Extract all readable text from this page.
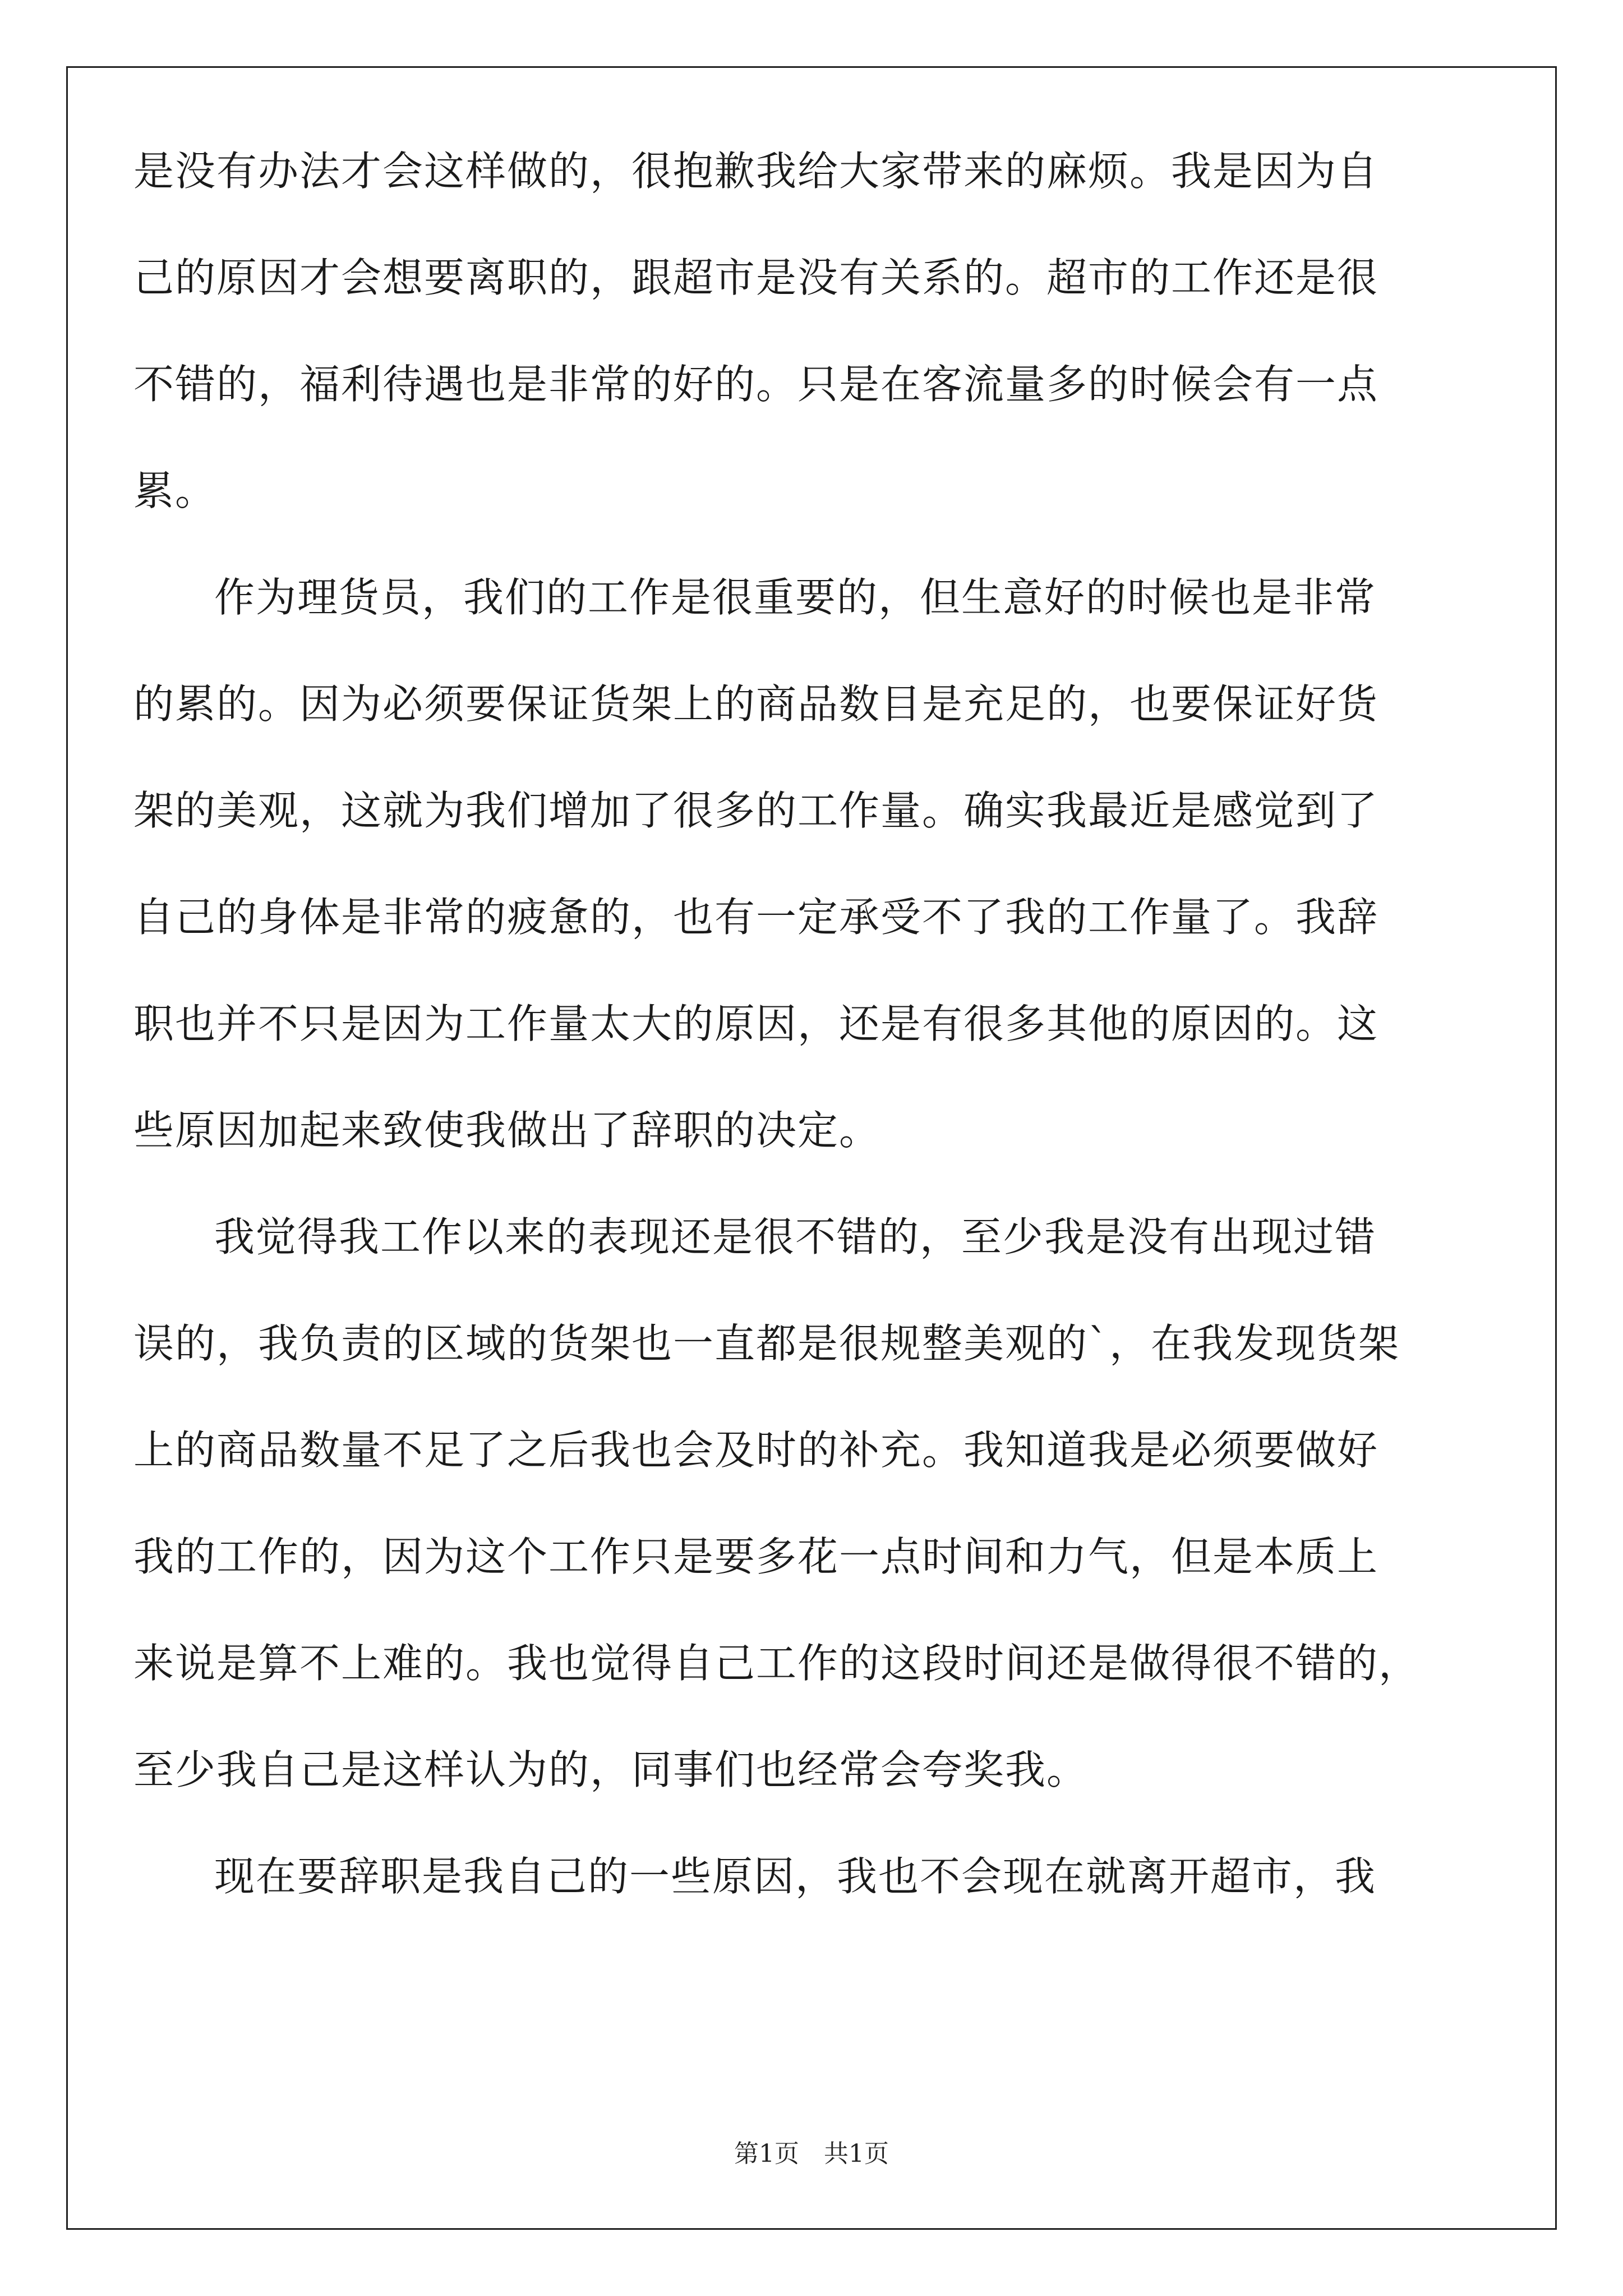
是没有办法才会这样做的，很抱歉我给大家带来的麻烦。我是因为自
己的原因才会想要离职的，跟超市是没有关系的。超市的工作还是很
不错的，福利待遇也是非常的好的。只是在客流量多的时候会有一点
累。
作为理货员，我们的工作是很重要的，但生意好的时候也是非常
的累的。因为必须要保证货架上的商品数目是充足的，也要保证好货
架的美观，这就为我们增加了很多的工作量。确实我最近是感觉到了
自己的身体是非常的疲惫的，也有一定承受不了我的工作量了。我辞
职也并不只是因为工作量太大的原因，还是有很多其他的原因的。这
些原因加起来致使我做出了辞职的决定。
我觉得我工作以来的表现还是很不错的，至少我是没有出现过错
误的，我负责的区域的货架也一直都是很规整美观的`，在我发现货架
上的商品数量不足了之后我也会及时的补充。我知道我是必须要做好
我的工作的，因为这个工作只是要多花一点时间和力气，但是本质上
来说是算不上难的。我也觉得自己工作的这段时间还是做得很不错的，
至少我自己是这样认为的，同事们也经常会夸奖我。
现在要辞职是我自己的一些原因，我也不会现在就离开超市，我
第1页　共1页
